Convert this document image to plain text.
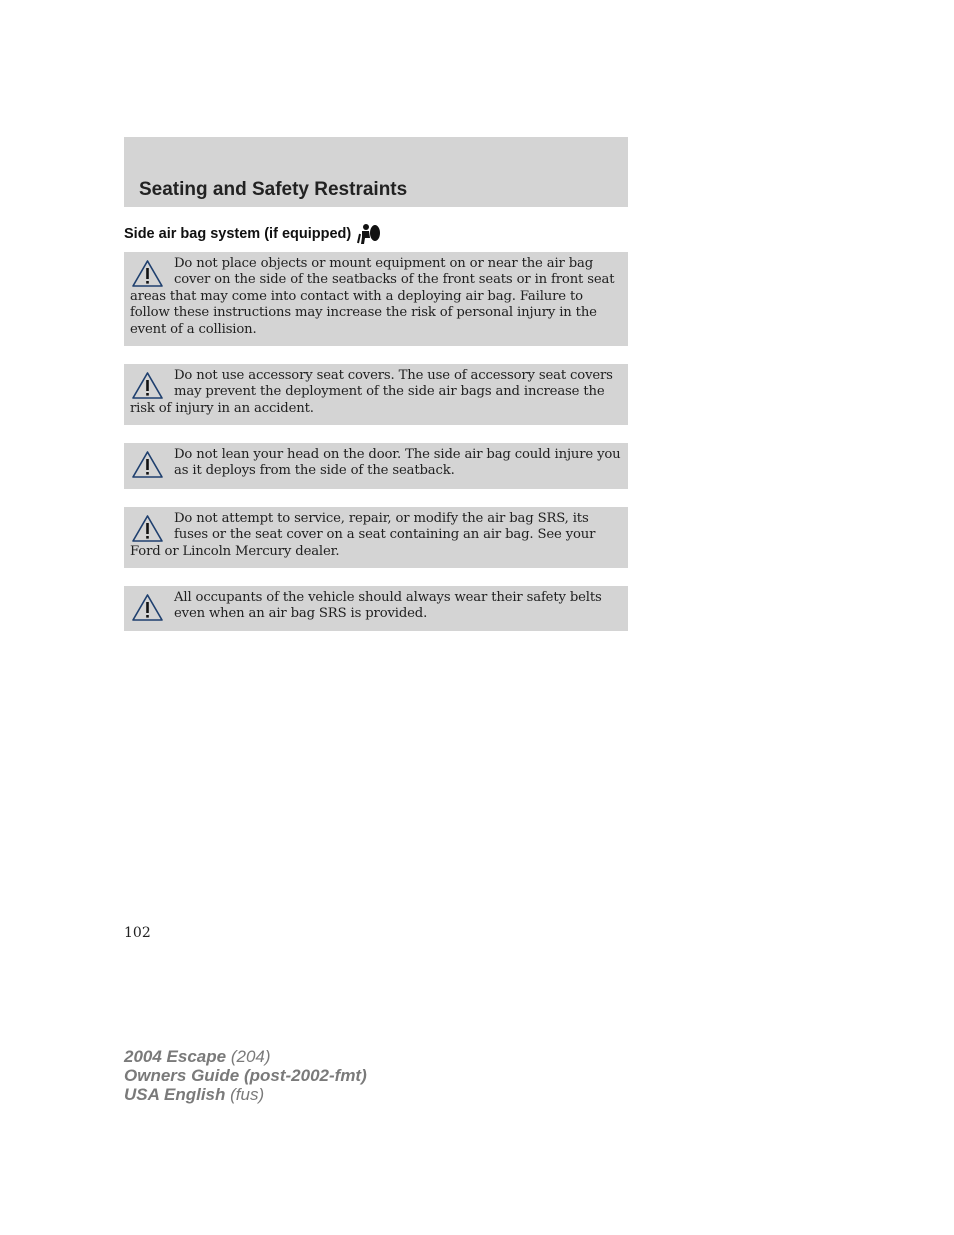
Seating and Safety Restraints
Side air bag system (if equipped)
Do not place objects or mount equipment on or near the air bag cover on the side of the seatbacks of the front seats or in front seat areas that may come into contact with a deploying air bag. Failure to follow these instructions may increase the risk of personal injury in the event of a collision.
Do not use accessory seat covers. The use of accessory seat covers may prevent the deployment of the side air bags and increase the risk of injury in an accident.
Do not lean your head on the door. The side air bag could injure you as it deploys from the side of the seatback.
Do not attempt to service, repair, or modify the air bag SRS, its fuses or the seat cover on a seat containing an air bag. See your Ford or Lincoln Mercury dealer.
All occupants of the vehicle should always wear their safety belts even when an air bag SRS is provided.
102
2004 Escape (204)
Owners Guide (post-2002-fmt)
USA English (fus)
